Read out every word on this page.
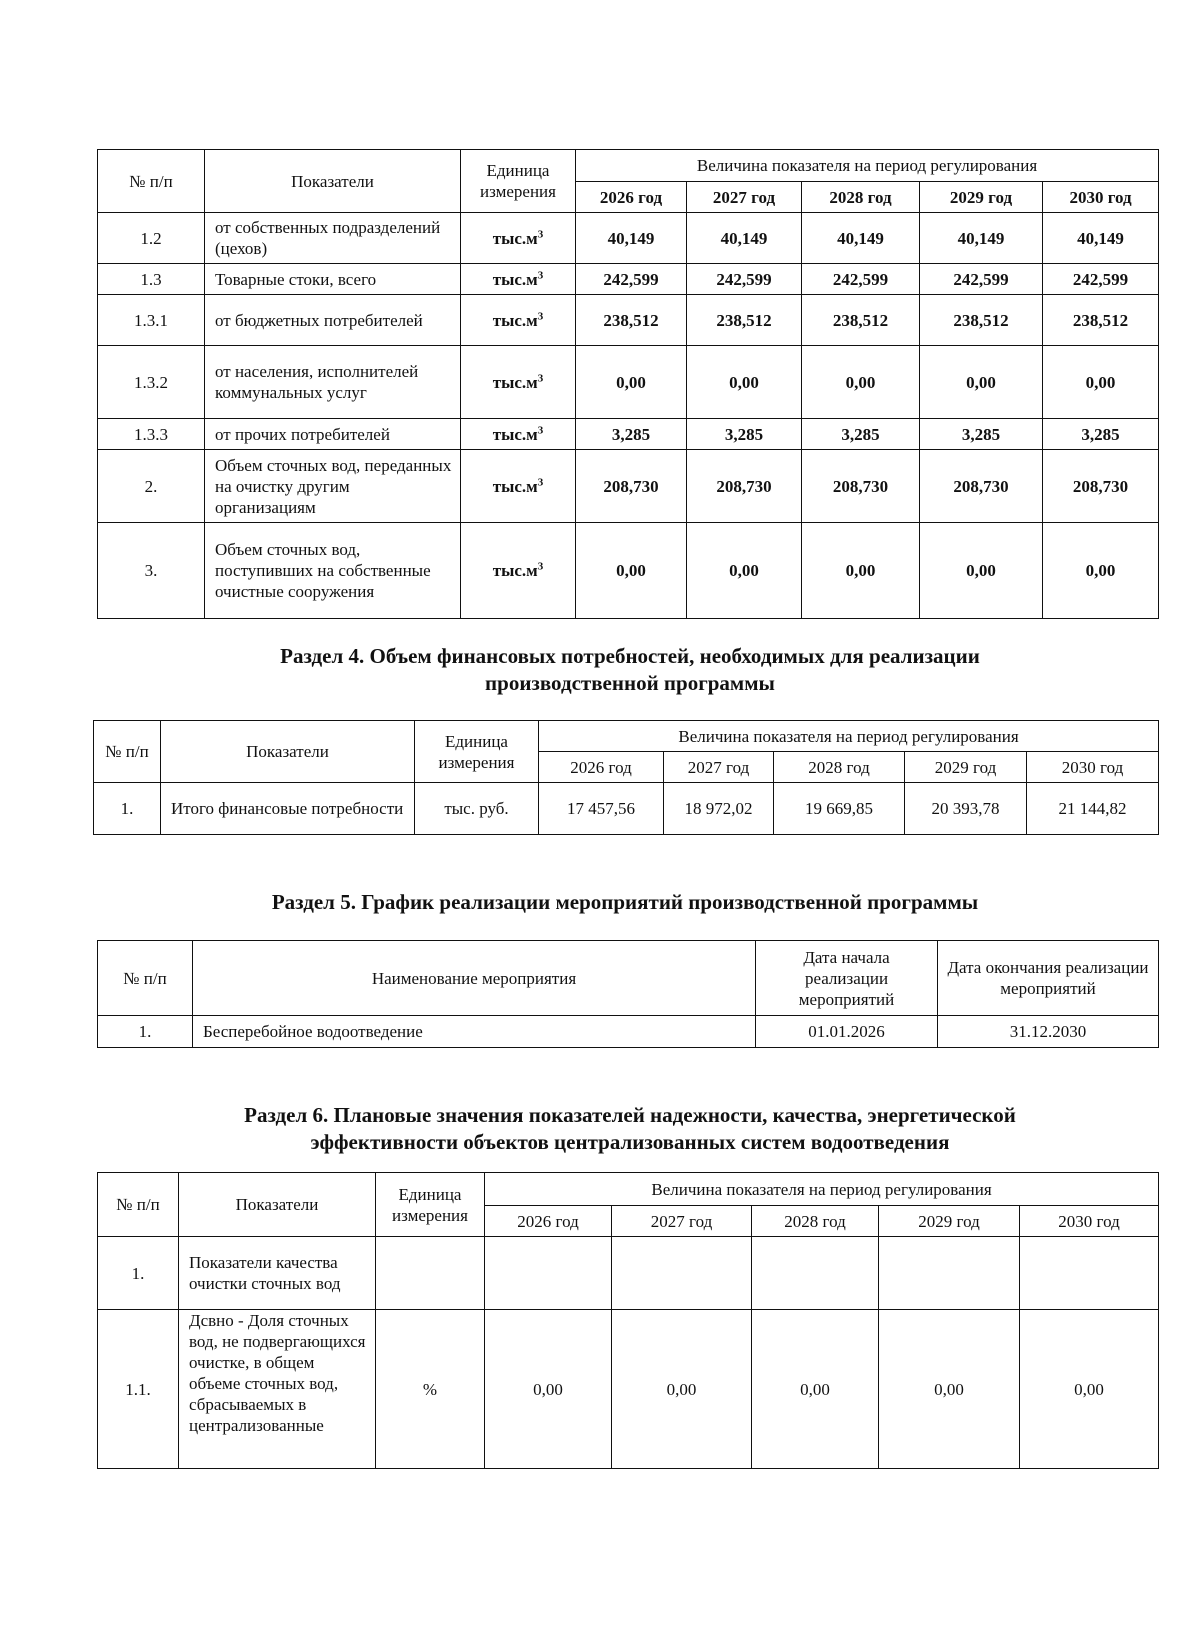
№ п/п	Показатели	Единица измерения	Величина показателя на период регулирования				
			2026 год	2027 год	2028 год	2029 год	2030 год
1.2	от собственных подразделений (цехов)	$тыс.м^3$	40,149	40,149	40,149	40,149	40,149
1.3	Товарные стоки, всего	$тыс.м^3$	242,599	242,599	242,599	242,599	242,599
1.3.1	от бюджетных потребителей	$тыс.м^3$	238,512	238,512	238,512	238,512	238,512
1.3.2	от населения, исполнителей коммунальных услуг	$тыс.м^3$	0,00	0,00	0,00	0,00	0,00
1.3.3	от прочих потребителей	$тыс.м^3$	3,285	3,285	3,285	3,285	3,285
2.	Объем сточных вод, переданных на очистку другим организациям	$тыс.м^3$	208,730	208,730	208,730	208,730	208,730
3.	Объем сточных вод, поступивших на собственные очистные сооружения	$тыс.м^3$	0,00	0,00	0,00	0,00	0,00
Раздел 4. Объем финансовых потребностей, необходимых для реализации производственной программы
№ п/п	Показатели	Единица измерения	Величина показателя на период регулирования				
			2026 год	2027 год	2028 год	2029 год	2030 год
1.	Итого финансовые потребности	тыс. руб.	17 457,56	18 972,02	19 669,85	20 393,78	21 144,82
Раздел 5. График реализации мероприятий производственной программы
№ п/п	Наименование мероприятия	Дата начала реализации мероприятий	Дата окончания реализации мероприятий
1.	Бесперебойное водоотведение	01.01.2026	31.12.2030
Раздел 6. Плановые значения показателей надежности, качества, энергетической эффективности объектов централизованных систем водоотведения
№ п/п	Показатели	Единица измерения	Величина показателя на период регулирования				
			2026 год	2027 год	2028 год	2029 год	2030 год
1.	Показатели качества очистки сточных вод						
1.1.	Дсвно - Доля сточных вод, не подвергающихся очистке, в общем объеме сточных вод, сбрасываемых в централизованные	%	0,00	0,00	0,00	0,00	0,00
